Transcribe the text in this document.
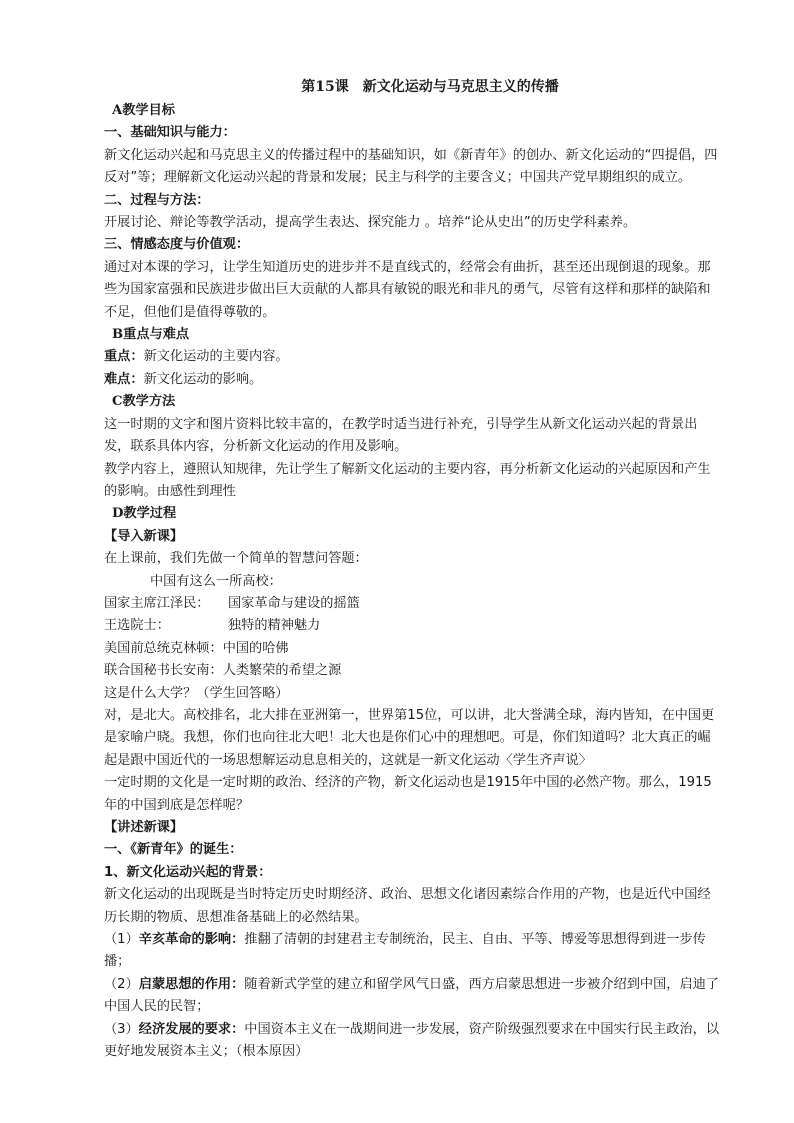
第15课　新文化运动与马克思主义的传播

A教学目标

一、基础知识与能力：

新文化运动兴起和马克思主义的传播过程中的基础知识，如《新青年》的创办、新文化运动的“四提倡，四反对”等；理解新文化运动兴起的背景和发展；民主与科学的主要含义；中国共产党早期组织的成立。

二、过程与方法：

开展讨论、辩论等教学活动，提高学生表达、探究能力 。培养“论从史出”的历史学科素养。

三、情感态度与价值观：

通过对本课的学习，让学生知道历史的进步并不是直线式的，经常会有曲折，甚至还出现倒退的现象。那些为国家富强和民族进步做出巨大贡献的人都具有敏锐的眼光和非凡的勇气，尽管有这样和那样的缺陷和不足，但他们是值得尊敬的。

B重点与难点

重点：新文化运动的主要内容。

难点：新文化运动的影响。

C教学方法

这一时期的文字和图片资料比较丰富的，在教学时适当进行补充，引导学生从新文化运动兴起的背景出发，联系具体内容，分析新文化运动的作用及影响。

教学内容上，遵照认知规律，先让学生了解新文化运动的主要内容，再分析新文化运动的兴起原因和产生的影响。由感性到理性

D教学过程

【导入新课】

在上课前，我们先做一个简单的智慧问答题：

中国有这么一所高校：

国家主席江泽民：	国家革命与建设的摇篮
王选院士：	独特的精神魅力
美国前总统克林顿： 中国的哈佛
联合国秘书长安南： 人类繁荣的希望之源

这是什么大学？（学生回答略）

对，是北大。高校排名，北大排在亚洲第一，世界第15位，可以讲，北大誉满全球，海内皆知，在中国更是家喻户晓。我想，你们也向往北大吧！北大也是你们心中的理想吧。可是，你们知道吗？北大真正的崛起是跟中国近代的一场思想解运动息息相关的，这就是一新文化运动〈学生齐声说〉

一定时期的文化是一定时期的政治、经济的产物，新文化运动也是1915年中国的必然产物。那么，1915年的中国到底是怎样呢？

【讲述新课】

一、《新青年》的诞生：

1、新文化运动兴起的背景：

新文化运动的出现既是当时特定历史时期经济、政治、思想文化诸因素综合作用的产物，也是近代中国经历长期的物质、思想准备基础上的必然结果。

（1）辛亥革命的影响：推翻了清朝的封建君主专制统治，民主、自由、平等、博爱等思想得到进一步传播；

（2）启蒙思想的作用：随着新式学堂的建立和留学风气日盛，西方启蒙思想进一步被介绍到中国，启迪了中国人民的民智；

（3）经济发展的要求：中国资本主义在一战期间进一步发展，资产阶级强烈要求在中国实行民主政治，以更好地发展资本主义；（根本原因）
